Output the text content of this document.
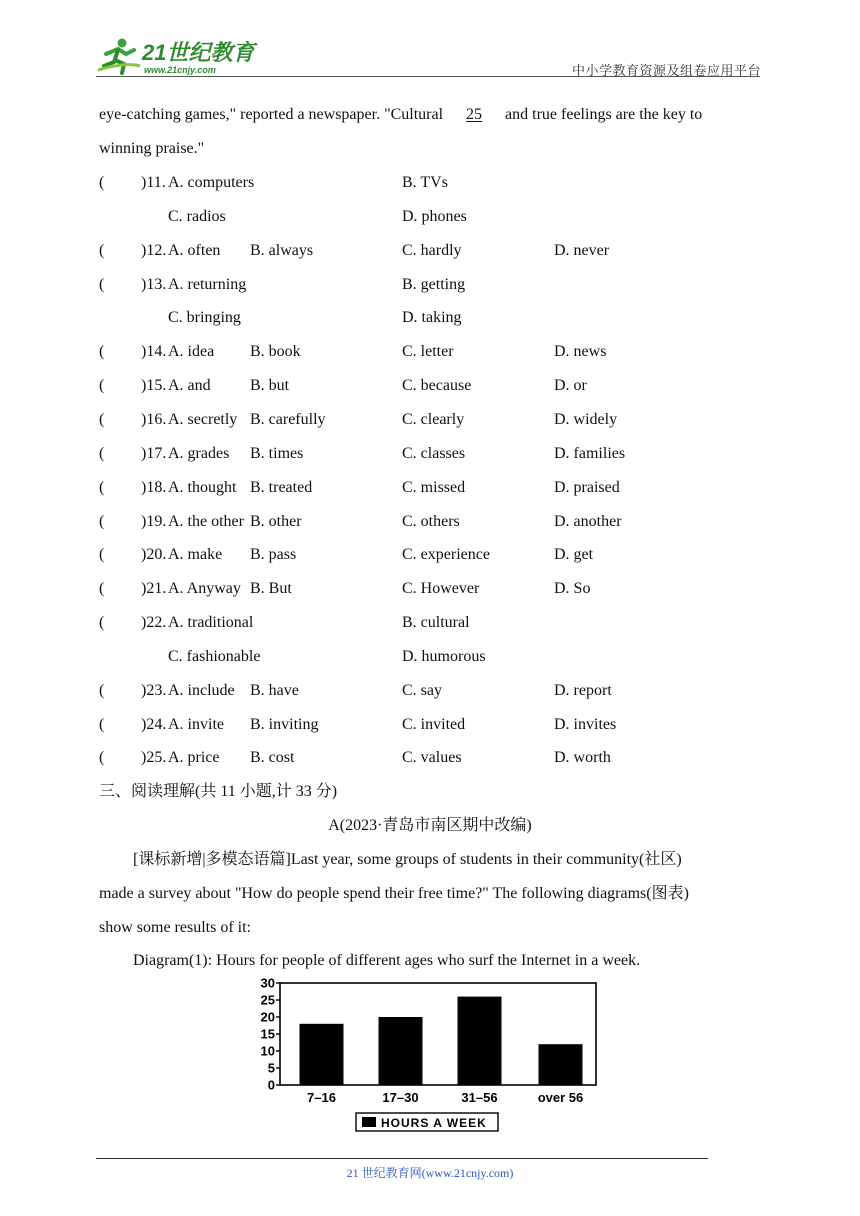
21世纪教育
www.21cnjy.com	中小学教育资源及组卷应用平台
eye-catching games," reported a newspaper. "Cultural 25 and true feelings are the key to
winning praise."
( )11. A. computers	B. TVs
C. radios	D. phones
( )12. A. often B. always	C. hardly	D. never
( )13. A. returning	B. getting
C. bringing	D. taking
( )14. A. idea B. book	C. letter	D. news
( )15. A. and B. but	C. because	D. or
( )16. A. secretly B. carefully	C. clearly	D. widely
( )17. A. grades B. times	C. classes	D. families
( )18. A. thought B. treated	C. missed	D. praised
( )19. A. the other B. other	C. others	D. another
( )20. A. make B. pass	C. experience	D. get
( )21. A. Anyway B. But	C. However	D. So
( )22. A. traditional	B. cultural
C. fashionable	D. humorous
( )23. A. include B. have	C. say	D. report
( )24. A. invite B. inviting	C. invited	D. invites
( )25. A. price B. cost	C. values	D. worth
三、阅读理解(共 11 小题,计 33 分)
A(2023·青岛市南区期中改编)
[课标新增|多模态语篇]Last year, some groups of students in their community(社区)
made a survey about "How do people spend their free time?" The following diagrams(图表)
show some results of it:
Diagram(1): Hours for people of different ages who surf the Internet in a week.
0
5
10
15
20
25
30
7–16	17–30	31–56	over 56
HOURS A WEEK
21 世纪教育网(www.21cnjy.com)
